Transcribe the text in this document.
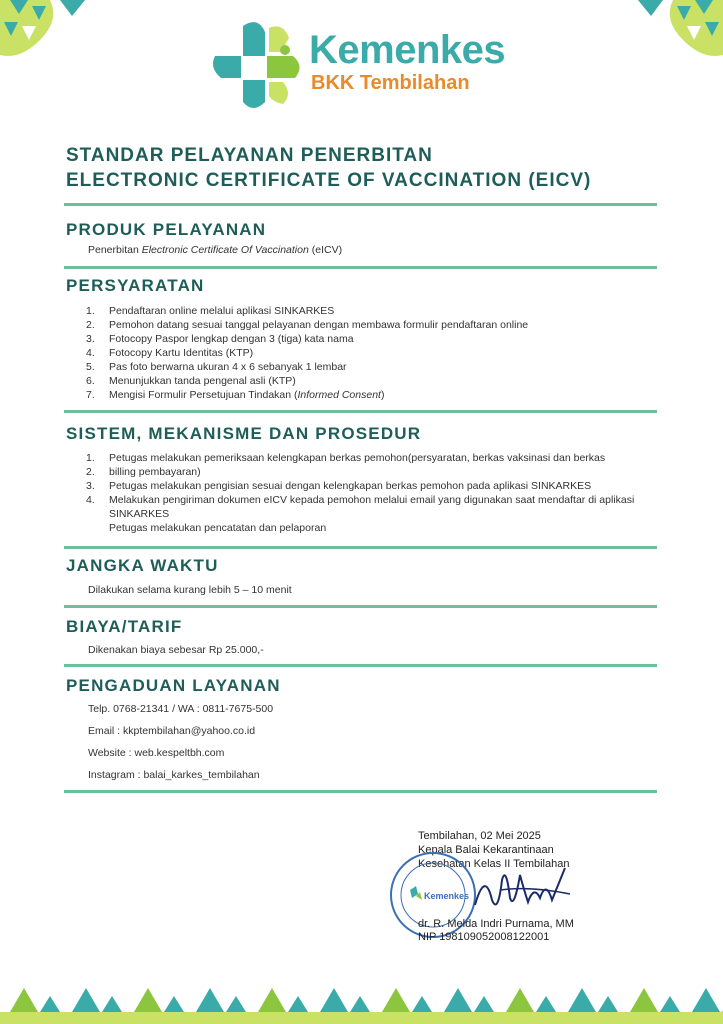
Kemenkes
BKK Tembilahan
STANDAR PELAYANAN PENERBITAN
ELECTRONIC CERTIFICATE OF VACCINATION (EICV)
PRODUK PELAYANAN
Penerbitan Electronic Certificate Of Vaccination (eICV)
PERSYARATAN
1. Pendaftaran online melalui aplikasi SINKARKES
2. Pemohon datang sesuai tanggal pelayanan dengan membawa formulir pendaftaran online
3. Fotocopy Paspor lengkap dengan 3 (tiga) kata nama
4. Fotocopy Kartu Identitas (KTP)
5. Pas foto berwarna ukuran 4 x 6 sebanyak 1 lembar
6. Menunjukkan tanda pengenal asli (KTP)
7. Mengisi Formulir Persetujuan Tindakan (Informed Consent)
SISTEM, MEKANISME DAN PROSEDUR
1. Petugas melakukan pemeriksaan kelengkapan berkas pemohon(persyaratan, berkas vaksinasi dan berkas
2. billing pembayaran)
3. Petugas melakukan pengisian sesuai dengan kelengkapan berkas pemohon pada aplikasi SINKARKES
4. Melakukan pengiriman dokumen eICV kepada pemohon melalui email yang digunakan saat mendaftar di aplikasi SINKARKES
Petugas melakukan pencatatan dan pelaporan
JANGKA WAKTU
Dilakukan selama kurang lebih 5 – 10 menit
BIAYA/TARIF
Dikenakan biaya sebesar Rp 25.000,-
PENGADUAN LAYANAN
Telp. 0768-21341 / WA : 0811-7675-500
Email : kkptembilahan@yahoo.co.id
Website : web.kespeltbh.com
Instagram : balai_karkes_tembilahan
Tembilahan, 02 Mei 2025
Kepala Balai Kekarantinaan
Kesehatan Kelas II Tembilahan
Kemenkes
dr. R. Melda Indri Purnama, MM
NIP 198109052008122001
